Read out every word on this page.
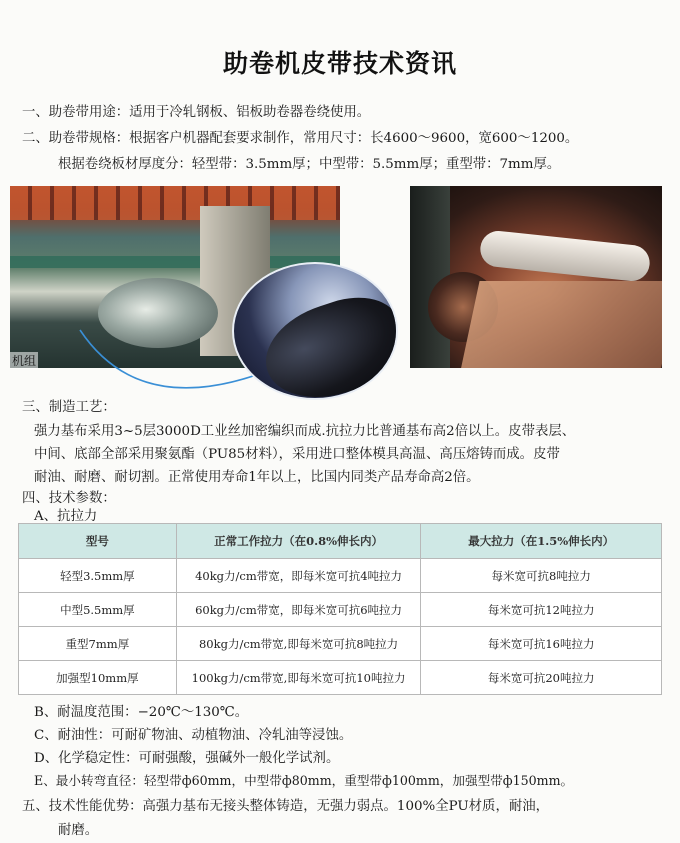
助卷机皮带技术资讯
一、助卷带用途：适用于冷轧钢板、铝板助卷器卷绕使用。
二、助卷带规格：根据客户机器配套要求制作，常用尺寸：长4600～9600，宽600～1200。
根据卷绕板材厚度分：轻型带：3.5mm厚；中型带：5.5mm厚；重型带：7mm厚。
机组
三、制造工艺：
强力基布采用3~5层3000D工业丝加密编织而成.抗拉力比普通基布高2倍以上。皮带表层、
中间、底部全部采用聚氨酯（PU85材料），采用进口整体模具高温、高压熔铸而成。皮带
耐油、耐磨、耐切割。正常使用寿命1年以上，比国内同类产品寿命高2倍。
四、技术参数：
A、抗拉力
型号	正常工作拉力（在0.8%伸长内）	最大拉力（在1.5%伸长内）
轻型3.5mm厚	40kg力/cm带宽，即每米宽可抗4吨拉力	每米宽可抗8吨拉力
中型5.5mm厚	60kg力/cm带宽，即每米宽可抗6吨拉力	每米宽可抗12吨拉力
重型7mm厚	80kg力/cm带宽,即每米宽可抗8吨拉力	每米宽可抗16吨拉力
加强型10mm厚	100kg力/cm带宽,即每米宽可抗10吨拉力	每米宽可抗20吨拉力
B、耐温度范围：−20℃～130℃。
C、耐油性：可耐矿物油、动植物油、冷轧油等浸蚀。
D、化学稳定性：可耐强酸，强碱外一般化学试剂。
E、最小转弯直径：轻型带ф60mm，中型带ф80mm，重型带ф100mm，加强型带ф150mm。
五、技术性能优势：高强力基布无接头整体铸造，无强力弱点。100%全PU材质，耐油，
耐磨。
